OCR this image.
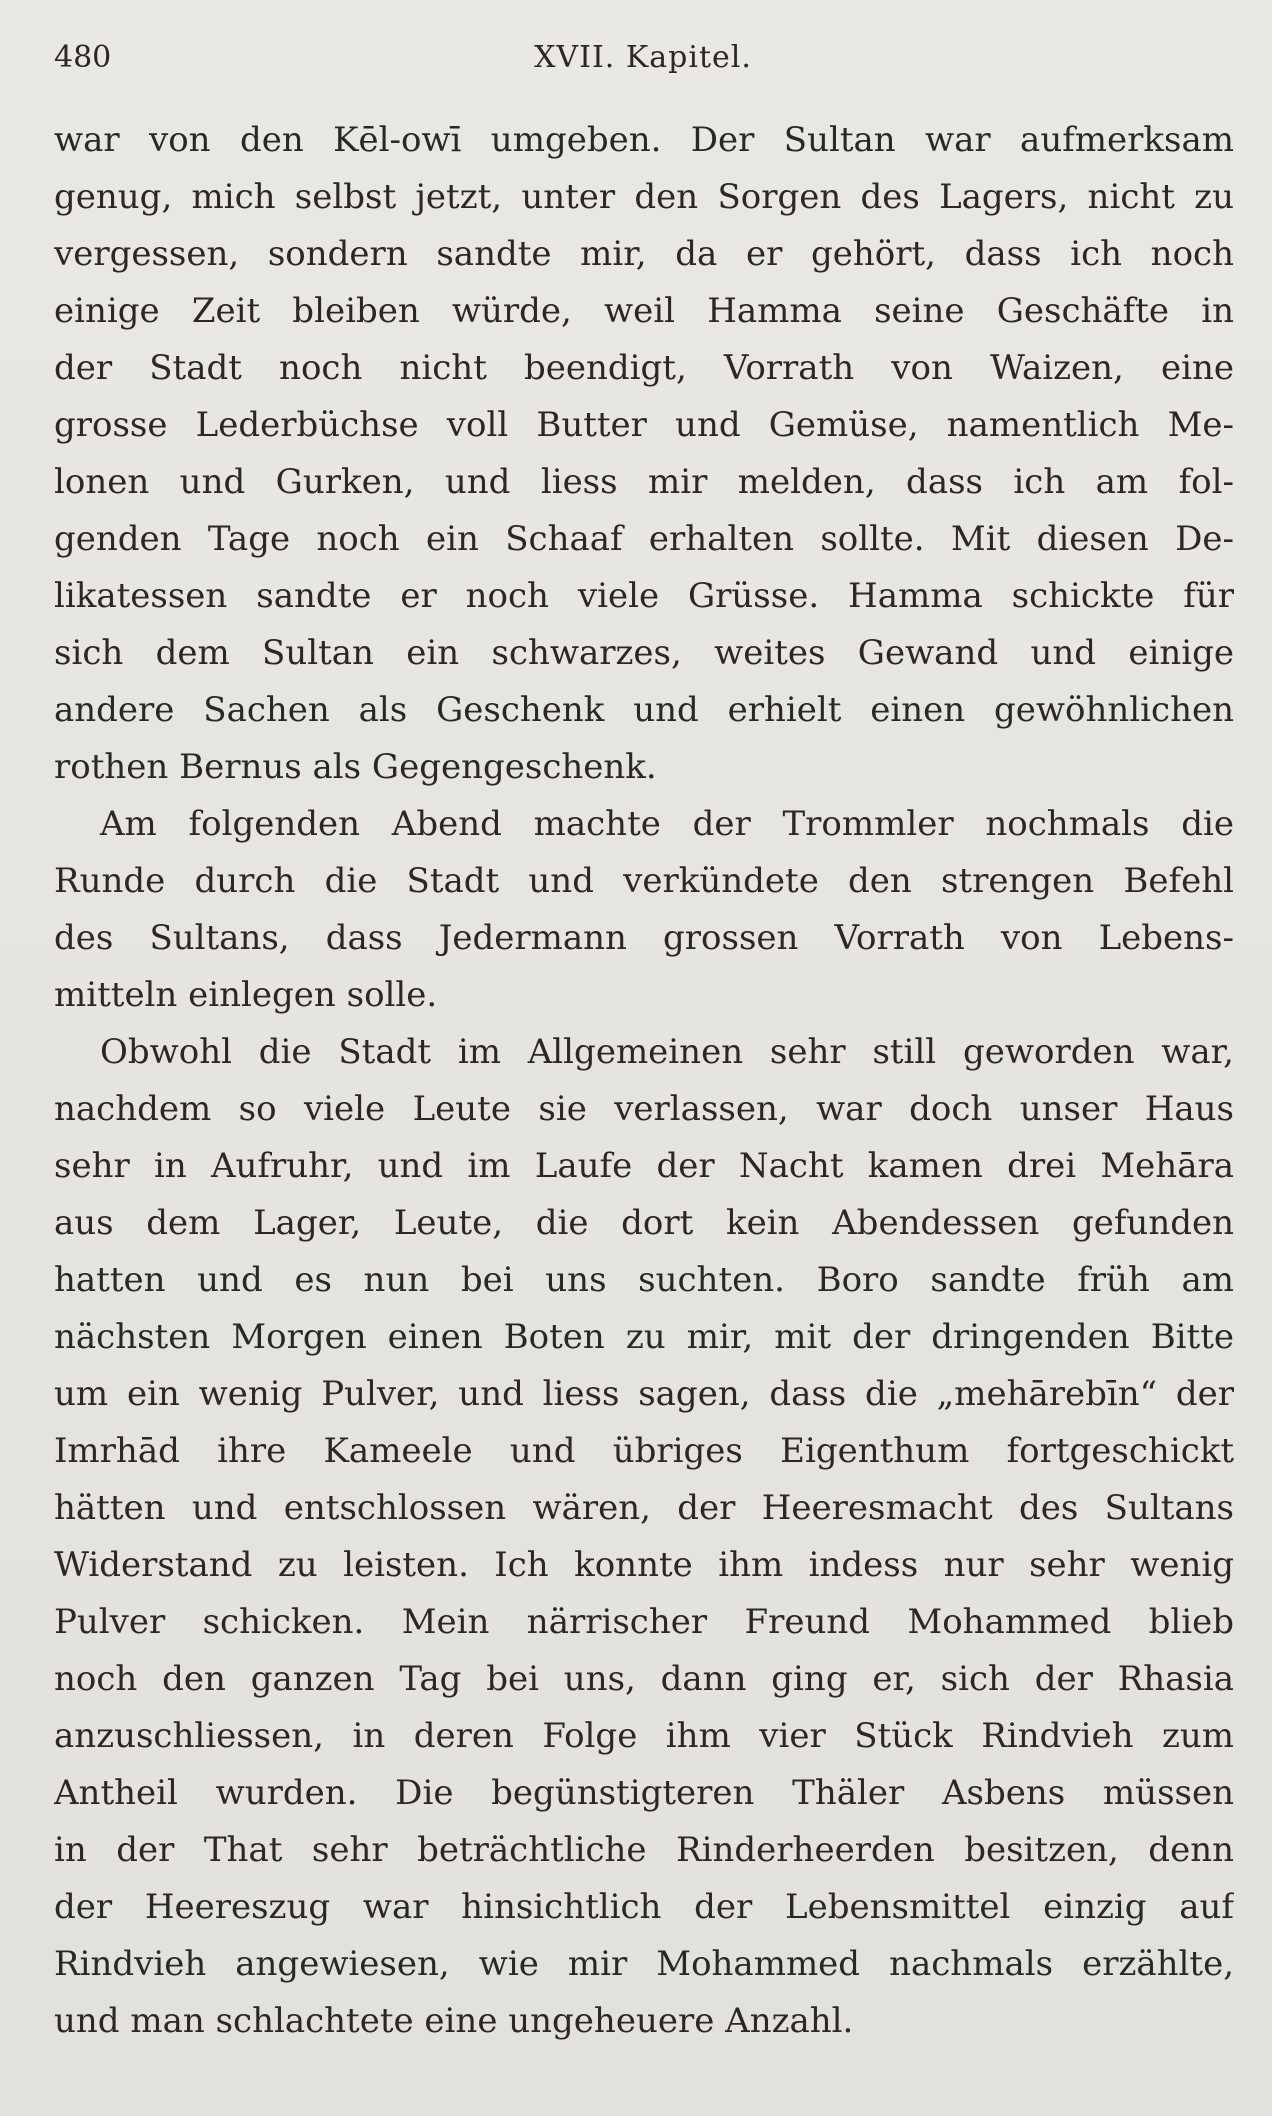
480	XVII. Kapitel.
war von den Kēl-owī umgeben. Der Sultan war aufmerksam
genug, mich selbst jetzt, unter den Sorgen des Lagers, nicht zu
vergessen, sondern sandte mir, da er gehört, dass ich noch
einige Zeit bleiben würde, weil Hamma seine Geschäfte in
der Stadt noch nicht beendigt, Vorrath von Waizen, eine
grosse Lederbüchse voll Butter und Gemüse, namentlich Me-
lonen und Gurken, und liess mir melden, dass ich am fol-
genden Tage noch ein Schaaf erhalten sollte. Mit diesen De-
likatessen sandte er noch viele Grüsse. Hamma schickte für
sich dem Sultan ein schwarzes, weites Gewand und einige
andere Sachen als Geschenk und erhielt einen gewöhnlichen
rothen Bernus als Gegengeschenk.
Am folgenden Abend machte der Trommler nochmals die
Runde durch die Stadt und verkündete den strengen Befehl
des Sultans, dass Jedermann grossen Vorrath von Lebens-
mitteln einlegen solle.
Obwohl die Stadt im Allgemeinen sehr still geworden war,
nachdem so viele Leute sie verlassen, war doch unser Haus
sehr in Aufruhr, und im Laufe der Nacht kamen drei Mehāra
aus dem Lager, Leute, die dort kein Abendessen gefunden
hatten und es nun bei uns suchten. Boro sandte früh am
nächsten Morgen einen Boten zu mir, mit der dringenden Bitte
um ein wenig Pulver, und liess sagen, dass die „mehārebīn“ der
Imrhād ihre Kameele und übriges Eigenthum fortgeschickt
hätten und entschlossen wären, der Heeresmacht des Sultans
Widerstand zu leisten. Ich konnte ihm indess nur sehr wenig
Pulver schicken. Mein närrischer Freund Mohammed blieb
noch den ganzen Tag bei uns, dann ging er, sich der Rhasia
anzuschliessen, in deren Folge ihm vier Stück Rindvieh zum
Antheil wurden. Die begünstigteren Thäler Asbens müssen
in der That sehr beträchtliche Rinderheerden besitzen, denn
der Heereszug war hinsichtlich der Lebensmittel einzig auf
Rindvieh angewiesen, wie mir Mohammed nachmals erzählte,
und man schlachtete eine ungeheuere Anzahl.
